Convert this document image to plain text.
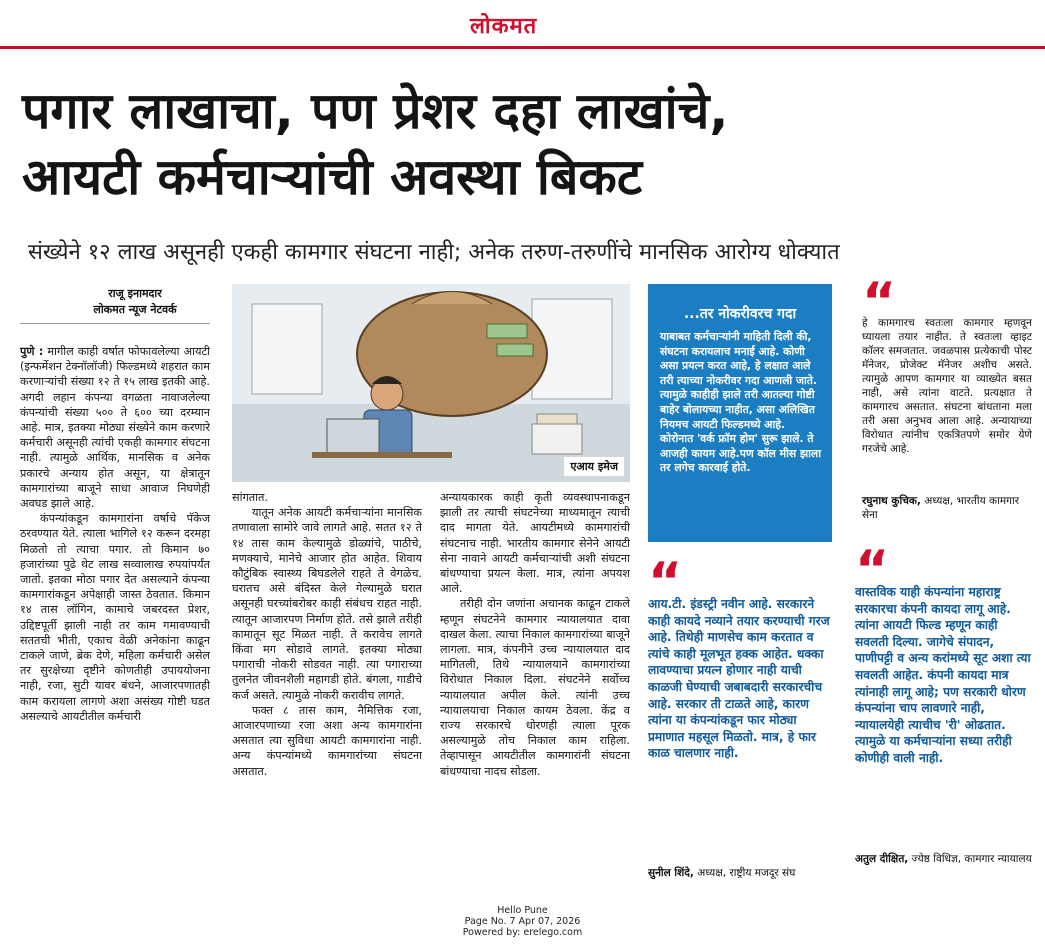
लोकमत
पगार लाखाचा, पण प्रेशर दहा लाखांचे,
आयटी कर्मचाऱ्यांची अवस्था बिकट
संख्येने १२ लाख असूनही एकही कामगार संघटना नाही; अनेक तरुण-तरुणींचे मानसिक आरोग्य धोक्यात
राजू इनामदार
लोकमत न्यूज नेटवर्क

पुणे : मागील काही वर्षात फोफावलेल्या आयटी (इन्फर्मेशन टेक्नॉलॉजी) फिल्डमध्ये शहरात काम करणाऱ्यांची संख्या १२ ते १५ लाख इतकी आहे. अगदी लहान कंपन्या वगळता नावाजलेल्या कंपन्यांची संख्या ५०० ते ६०० च्या दरम्यान आहे. मात्र, इतक्या मोठ्या संख्येने काम करणारे कर्मचारी असूनही त्यांची एकही कामगार संघटना नाही. त्यामुळे आर्थिक, मानसिक व अनेक प्रकारचे अन्याय होत असून, या क्षेत्रातून कामगारांच्या बाजूने साधा आवाज निघणेही अवघड झाले आहे.

कंपन्यांकडून कामगारांना वर्षाचे पॅकेज ठरवण्यात येते. त्याला भागिले १२ करून दरमहा मिळतो तो त्याचा पगार. तो किमान ७० हजारांच्या पुढे थेट लाख सव्वालाख रुपयांपर्यंत जातो. इतका मोठा पगार देत असल्याने कंपन्या कामगारांकडून अपेक्षाही जास्त ठेवतात. किमान १४ तास लॉगिन, कामाचे जबरदस्त प्रेशर, उद्दिष्टपूर्ती झाली नाही तर काम गमावण्याची सततची भीती, एकाच वेळी अनेकांना काढून टाकले जाणे, ब्रेक देणे, महिला कर्मचारी असेल तर सुरक्षेच्या दृष्टीने कोणतीही उपाययोजना नाही, रजा, सुटी यावर बंधने, आजारपणातही काम करायला लागणे अशा असंख्य गोष्टी घडत असल्याचे आयटीतील कर्मचारी

एआय इमेज

सांगतात.

यातून अनेक आयटी कर्मचाऱ्यांना मानसिक तणावाला सामोरे जावे लागते आहे. सतत १२ ते १४ तास काम केल्यामुळे डोळ्यांचे, पाठीचे, मणक्याचे, मानेचे आजार होत आहेत. शिवाय कौटुंबिक स्वास्थ्य बिघडलेले राहते ते वेगळेच. घरातच असे बंदिस्त केले गेल्यामुळे घरात असूनही घरच्यांबरोबर काही संबंधच राहत नाही. त्यातून आजारपण निर्माण होते. तसे झाले तरीही कामातून सूट मिळत नाही. ते करावेच लागते किंवा मग सोडावे लागते. इतक्या मोठ्या पगाराची नोकरी सोडवत नाही. त्या पगाराच्या तुलनेत जीवनशैली महागडी होते. बंगला, गाडीचे कर्ज असते. त्यामुळे नोकरी करावीच लागते.

फक्त ८ तास काम, नैमित्तिक रजा, आजारपणाच्या रजा अशा अन्य कामगारांना असतात त्या सुविधा आयटी कामगारांना नाही. अन्य कंपन्यांमध्ये कामगारांच्या संघटना असतात.

अन्यायकारक काही कृती व्यवस्थापनाकडून झाली तर त्याची संघटनेच्या माध्यमातून त्याची दाद मागता येते. आयटीमध्ये कामगारांची संघटनाच नाही. भारतीय कामगार सेनेने आयटी सेना नावाने आयटी कर्मचाऱ्यांची अशी संघटना बांधण्याचा प्रयत्न केला. मात्र, त्यांना अपयश आले.

तरीही दोन जणांना अचानक काढून टाकले म्हणून संघटनेने कामगार न्यायालयात दावा दाखल केला. त्याचा निकाल कामगारांच्या बाजूने लागला. मात्र, कंपनीने उच्च न्यायालयात दाद मागितली, तिथे न्यायालयाने कामगारांच्या विरोधात निकाल दिला. संघटनेने सर्वोच्च न्यायालयात अपील केले. त्यांनी उच्च न्यायालयाचा निकाल कायम ठेवला. केंद्र व राज्य सरकारचे धोरणही त्याला पूरक असल्यामुळे तोच निकाल काम राहिला. तेव्हापासून आयटीतील कामगारांनी संघटना बांधण्याचा नादच सोडला.

...तर नोकरीवरच गदा
याबाबत कर्मचाऱ्यांनी माहिती दिली की, संघटना करायलाच मनाई आहे. कोणी असा प्रयत्न करत आहे, हे लक्षात आले तरी त्याच्या नोकरीवर गदा आणली जाते. त्यामुळे काहीही झाले तरी आतल्या गोष्टी बाहेर बोलायच्या नाहीत, असा अलिखित नियमच आयटी फिल्डमध्ये आहे. कोरोनात 'वर्क फ्रॉम होम' सुरू झाले. ते आजही कायम आहे.पण कॉल मीस झाला तर लगेच कारवाई होते.
“
हे कामगारच स्वतःला कामगार म्हणवून घ्यायला तयार नाहीत. ते स्वतःला व्हाइट कॉलर समजतात. जवळपास प्रत्येकाची पोस्ट मॅनेजर, प्रोजेक्ट मॅनेजर अशीच असते. त्यामुळे आपण कामगार या व्याख्येत बसत नाही, असे त्यांना वाटते. प्रत्यक्षात ते कामगारच असतात. संघटना बांधताना मला तरी असा अनुभव आला आहे. अन्यायाच्या विरोधात त्यांनीच एकत्रितपणे समोर येणे गरजेचे आहे.
रघुनाथ कुचिक, अध्यक्ष, भारतीय कामगार सेना
“
आय.टी. इंडस्ट्री नवीन आहे. सरकारने काही कायदे नव्याने तयार करण्याची गरज आहे. तिथेही माणसेच काम करतात व त्यांचे काही मूलभूत हक्क आहेत. धक्का लावण्याचा प्रयत्न होणार नाही याची काळजी घेण्याची जबाबदारी सरकारचीच आहे. सरकार ती टाळते आहे, कारण त्यांना या कंपन्यांकडून फार मोठ्या प्रमाणात महसूल मिळतो. मात्र, हे फार काळ चालणार नाही.
सुनील शिंदे, अध्यक्ष, राष्ट्रीय मजदूर संघ
“
वास्तविक याही कंपन्यांना महाराष्ट्र सरकारचा कंपनी कायदा लागू आहे. त्यांना आयटी फिल्ड म्हणून काही सवलती दिल्या. जागेचे संपादन, पाणीपट्टी व अन्य करांमध्ये सूट अशा त्या सवलती आहेत. कंपनी कायदा मात्र त्यांनाही लागू आहे; पण सरकारी धोरण कंपन्यांना चाप लावणारे नाही, न्यायालयेही त्याचीच 'री' ओढतात. त्यामुळे या कर्मचाऱ्यांना सध्या तरीही कोणीही वाली नाही.
अतुल दीक्षित, ज्येष्ठ विधिज्ञ, कामगार न्यायालय
Hello Pune
Page No. 7 Apr 07, 2026
Powered by: erelego.com
